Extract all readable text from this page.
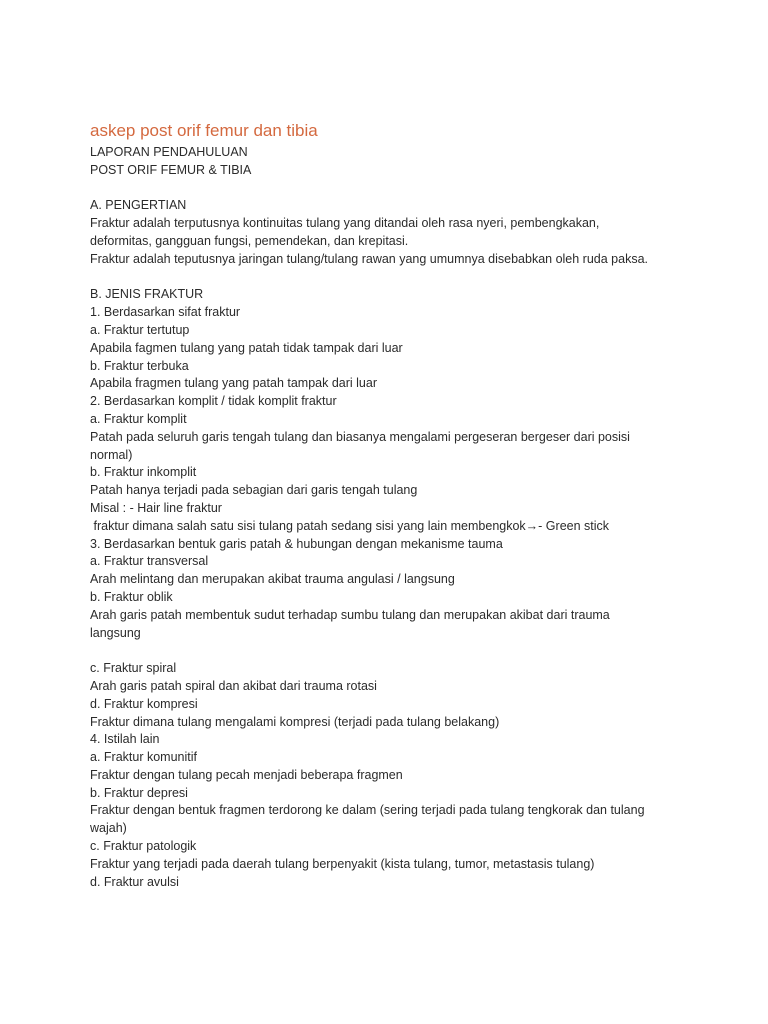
askep post orif femur dan tibia

LAPORAN PENDAHULUAN

POST ORIF FEMUR & TIBIA

A. PENGERTIAN

Fraktur adalah terputusnya kontinuitas tulang yang ditandai oleh rasa nyeri, pembengkakan,

deformitas, gangguan fungsi, pemendekan, dan krepitasi.

Fraktur adalah teputusnya jaringan tulang/tulang rawan yang umumnya disebabkan oleh ruda paksa.

B. JENIS FRAKTUR

1. Berdasarkan sifat fraktur

a. Fraktur tertutup

Apabila fagmen tulang yang patah tidak tampak dari luar

b. Fraktur terbuka

Apabila fragmen tulang yang patah tampak dari luar

2. Berdasarkan komplit / tidak komplit fraktur

a. Fraktur komplit

Patah pada seluruh garis tengah tulang dan biasanya mengalami pergeseran bergeser dari posisi

normal)

b. Fraktur inkomplit

Patah hanya terjadi pada sebagian dari garis tengah tulang

Misal : - Hair line fraktur

fraktur dimana salah satu sisi tulang patah sedang sisi yang lain membengkok→- Green stick

3. Berdasarkan bentuk garis patah & hubungan dengan mekanisme tauma

a. Fraktur transversal

Arah melintang dan merupakan akibat trauma angulasi / langsung

b. Fraktur oblik

Arah garis patah membentuk sudut terhadap sumbu tulang dan merupakan akibat dari trauma

langsung

c. Fraktur spiral

Arah garis patah spiral dan akibat dari trauma rotasi

d. Fraktur kompresi

Fraktur dimana tulang mengalami kompresi (terjadi pada tulang belakang)

4. Istilah lain

a. Fraktur komunitif

Fraktur dengan tulang pecah menjadi beberapa fragmen

b. Fraktur depresi

Fraktur dengan bentuk fragmen terdorong ke dalam (sering terjadi pada tulang tengkorak dan tulang

wajah)

c. Fraktur patologik

Fraktur yang terjadi pada daerah tulang berpenyakit (kista tulang, tumor, metastasis tulang)

d. Fraktur avulsi
